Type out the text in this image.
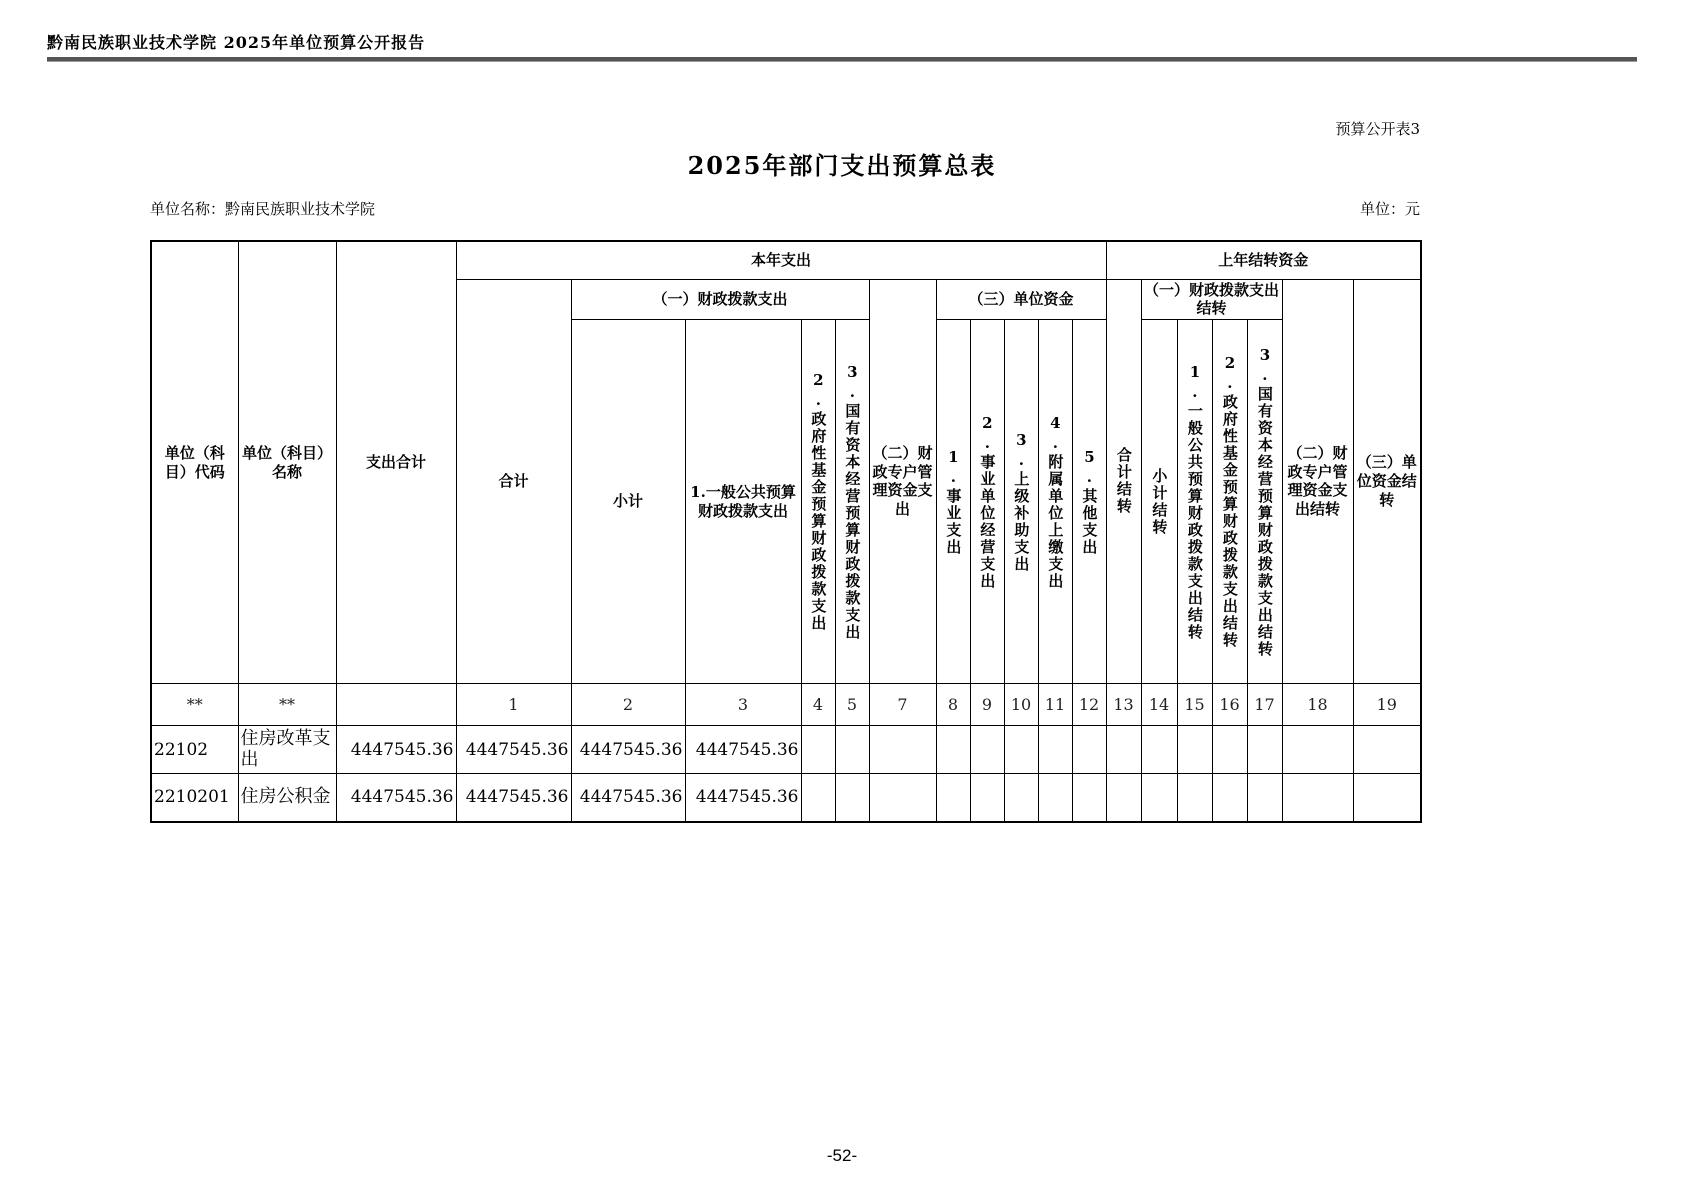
黔南民族职业技术学院 2025年单位预算公开报告
预算公开表3
2025年部门支出预算总表
单位名称：黔南民族职业技术学院	单位：元
单位（科目）代码	单位（科目）名称	支出合计	本年支出											上年结转资金						
			合计	（一）财政拨款支出				（二）财政专户管理资金支出	（三）单位资金					合计结转	（一）财政拨款支出结转				（二）财政专户管理资金支出结转	（三）单位资金结转
				小计	1.一般公共预算财政拨款支出	2.政府性基金预算财政拨款支出	3.国有资本经营预算财政拨款支出		1.事业支出	2.事业单位经营支出	3.上级补助支出	4.附属单位上缴支出	5.其他支出		小计结转	1.一般公共预算财政拨款支出结转	2.政府性基金预算财政拨款支出结转	3.国有资本经营预算财政拨款支出结转		
**	**		1	2	3	4	5	7	8	9	10	11	12	13	14	15	16	17	18	19
22102	住房改革支出	4447545.36	4447545.36	4447545.36	4447545.36															
2210201	住房公积金	4447545.36	4447545.36	4447545.36	4447545.36															
-52-
